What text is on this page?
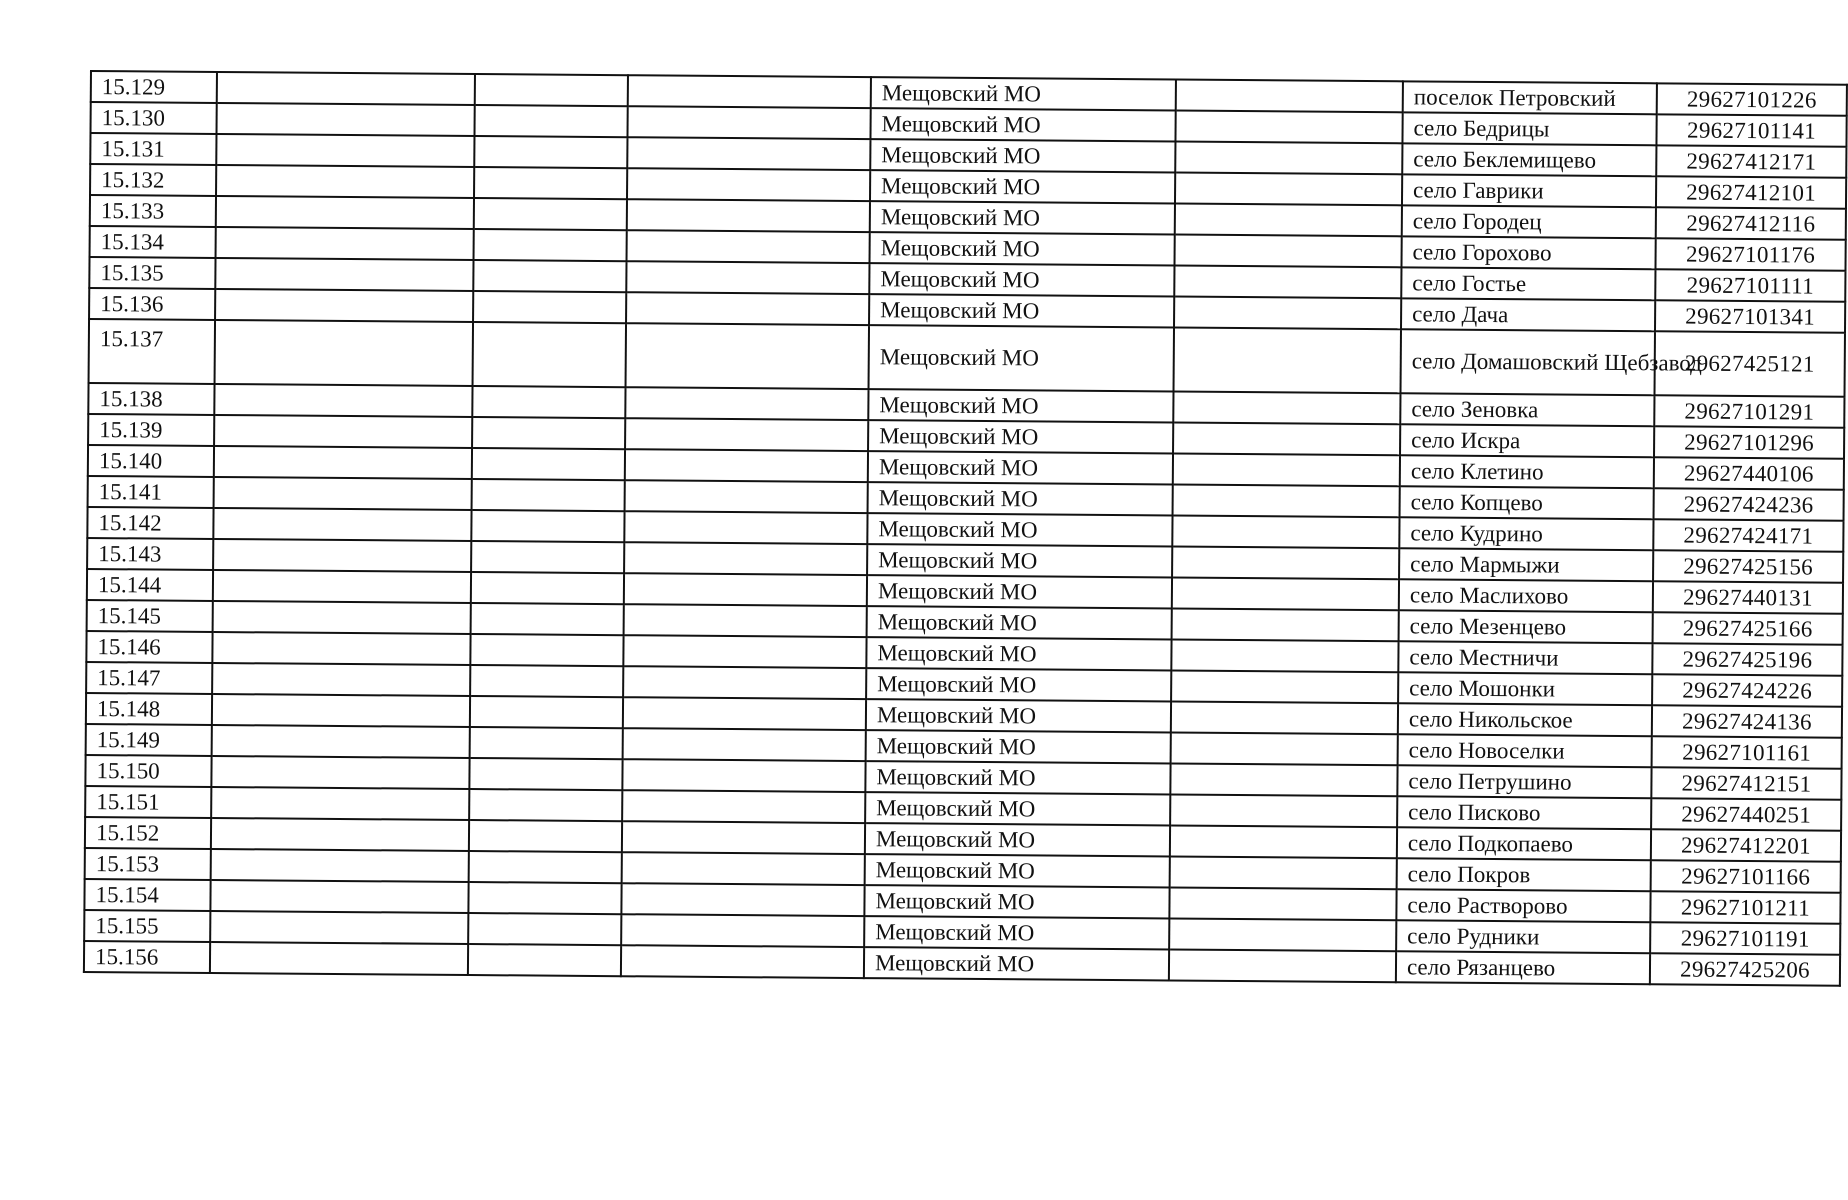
15.129				Мещовский МО		поселок Петровский	29627101226
15.130				Мещовский МО		село Бедрицы	29627101141
15.131				Мещовский МО		село Беклемищево	29627412171
15.132				Мещовский МО		село Гаврики	29627412101
15.133				Мещовский МО		село Городец	29627412116
15.134				Мещовский МО		село Горохово	29627101176
15.135				Мещовский МО		село Гостье	29627101111
15.136				Мещовский МО		село Дача	29627101341
15.137				Мещовский МО		село Домашовский Щебзавод	29627425121
15.138				Мещовский МО		село Зеновка	29627101291
15.139				Мещовский МО		село Искра	29627101296
15.140				Мещовский МО		село Клетино	29627440106
15.141				Мещовский МО		село Копцево	29627424236
15.142				Мещовский МО		село Кудрино	29627424171
15.143				Мещовский МО		село Мармыжи	29627425156
15.144				Мещовский МО		село Маслихово	29627440131
15.145				Мещовский МО		село Мезенцево	29627425166
15.146				Мещовский МО		село Местничи	29627425196
15.147				Мещовский МО		село Мошонки	29627424226
15.148				Мещовский МО		село Никольское	29627424136
15.149				Мещовский МО		село Новоселки	29627101161
15.150				Мещовский МО		село Петрушино	29627412151
15.151				Мещовский МО		село Писково	29627440251
15.152				Мещовский МО		село Подкопаево	29627412201
15.153				Мещовский МО		село Покров	29627101166
15.154				Мещовский МО		село Растворово	29627101211
15.155				Мещовский МО		село Рудники	29627101191
15.156				Мещовский МО		село Рязанцево	29627425206
